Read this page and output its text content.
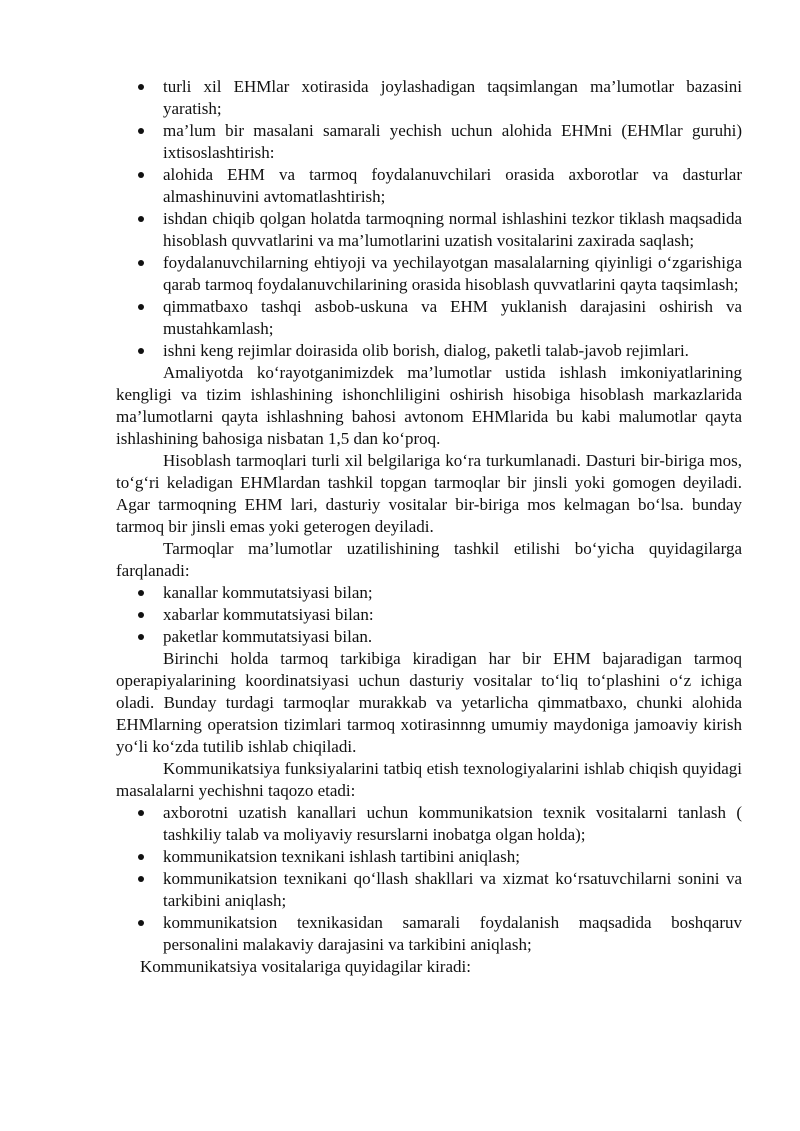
turli xil EHMlar xotirasida joylashadigan taqsimlangan ma’lumotlar bazasini yaratish;
ma’lum bir masalani samarali yechish uchun alohida EHMni (EHMlar guruhi) ixtisoslashtirish:
alohida EHM va tarmoq foydalanuvchilari orasida axborotlar va dasturlar almashinuvini avtomatlashtirish;
ishdan chiqib qolgan holatda tarmoqning normal ishlashini tezkor tiklash maqsadida hisoblash quvvatlarini va ma’lumotlarini uzatish vositalarini zaxirada saqlash;
foydalanuvchilarning ehtiyoji va yechilayotgan masalalarning qiyinligi o‘zgarishiga qarab tarmoq foydalanuvchilarining orasida hisoblash quvvatlarini qayta taqsimlash;
qimmatbaxo tashqi asbob-uskuna va EHM yuklanish darajasini oshirish va mustahkamlash;
ishni keng rejimlar doirasida olib borish, dialog, paketli talab-javob rejimlari.

Amaliyotda ko‘rayotganimizdek ma’lumotlar ustida ishlash imkoniyatlarining kengligi va tizim ishlashining ishonchliligini oshirish hisobiga hisoblash markazlarida ma’lumotlarni qayta ishlashning bahosi avtonom EHMlarida bu kabi malumotlar qayta ishlashining bahosiga nisbatan 1,5 dan ko‘proq.

Hisoblash tarmoqlari turli xil belgilariga ko‘ra turkumlanadi. Dasturi bir-biriga mos, to‘g‘ri keladigan EHMlardan tashkil topgan tarmoqlar bir jinsli yoki gomogen deyiladi. Agar tarmoqning EHM lari, dasturiy vositalar bir-biriga mos kelmagan bo‘lsa. bunday tarmoq bir jinsli emas yoki geterogen deyiladi.

Tarmoqlar ma’lumotlar uzatilishining tashkil etilishi bo‘yicha quyidagilarga farqlanadi:

kanallar kommutatsiyasi bilan;
xabarlar kommutatsiyasi bilan:
paketlar kommutatsiyasi bilan.

Birinchi holda tarmoq tarkibiga kiradigan har bir EHM bajaradigan tarmoq operapiyalarining koordinatsiyasi uchun dasturiy vositalar to‘liq to‘plashini o‘z ichiga oladi. Bunday turdagi tarmoqlar murakkab va yetarlicha qimmatbaxo, chunki alohida EHMlarning operatsion tizimlari tarmoq xotirasinnng umumiy maydoniga jamoaviy kirish yo‘li ko‘zda tutilib ishlab chiqiladi.

Kommunikatsiya funksiyalarini tatbiq etish texnologiyalarini ishlab chiqish quyidagi masalalarni yechishni taqozo etadi:

axborotni uzatish kanallari uchun kommunikatsion texnik vositalarni tanlash ( tashkiliy talab va moliyaviy resurslarni inobatga olgan holda);
kommunikatsion texnikani ishlash tartibini aniqlash;
kommunikatsion texnikani qo‘llash shakllari va xizmat ko‘rsatuvchilarni sonini va tarkibini aniqlash;
kommunikatsion texnikasidan samarali foydalanish maqsadida boshqaruv personalini malakaviy darajasini va tarkibini aniqlash;

Kommunikatsiya vositalariga quyidagilar kiradi:
